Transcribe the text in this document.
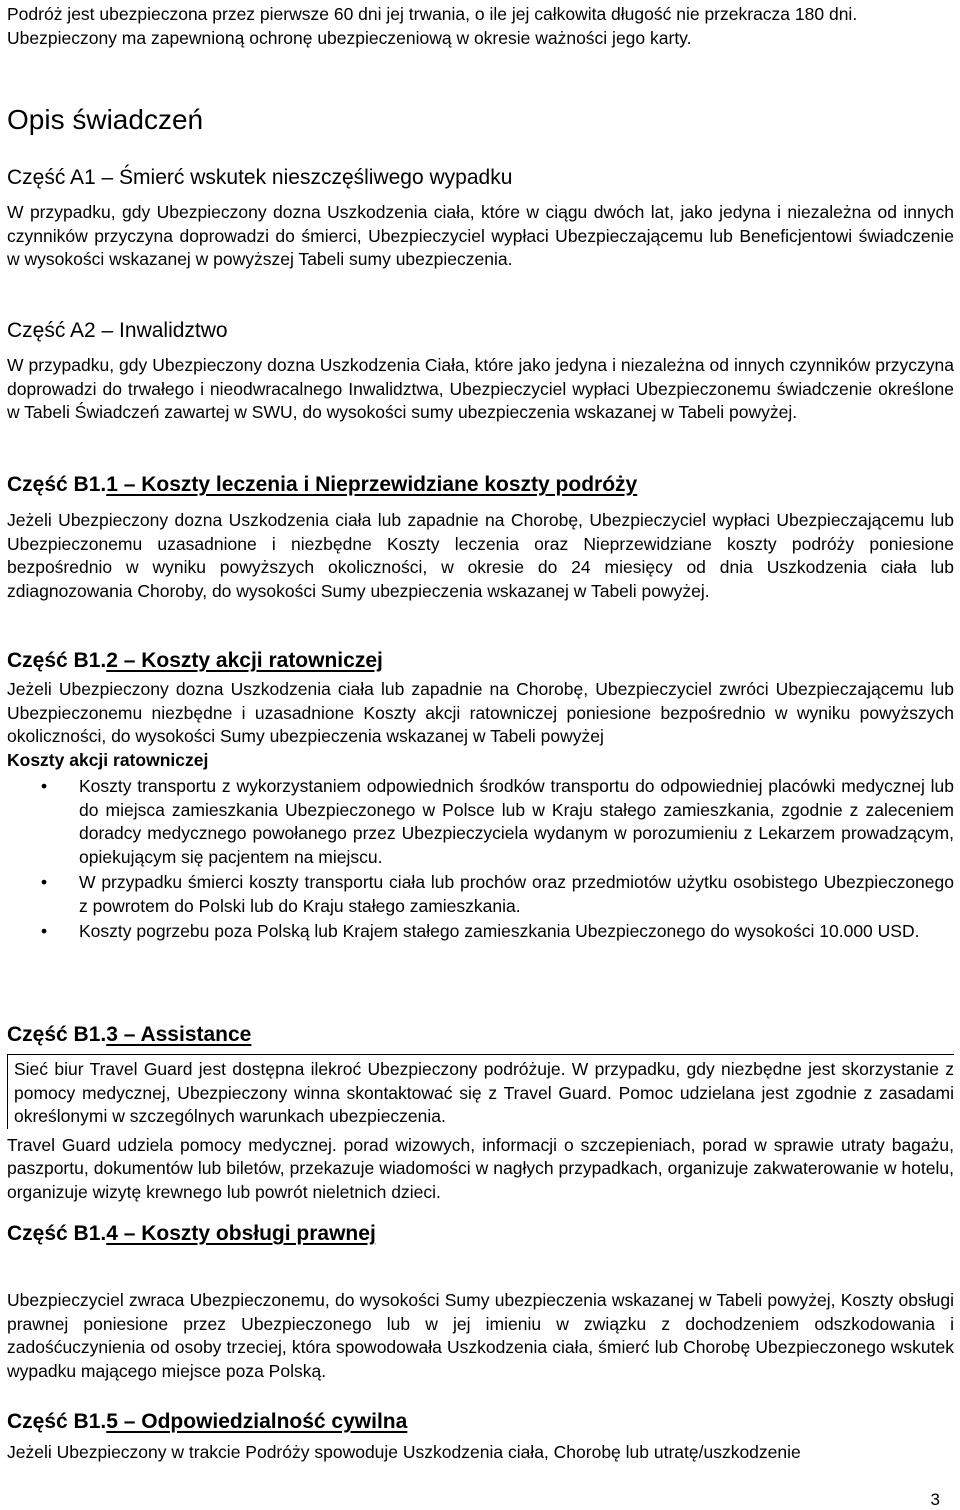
Podróż jest ubezpieczona przez pierwsze 60 dni jej trwania, o ile jej całkowita długość nie przekracza 180 dni.

Ubezpieczony ma zapewnioną ochronę ubezpieczeniową w okresie ważności jego karty.

Opis świadczeń
Część A1 – Śmierć wskutek nieszczęśliwego wypadku

W przypadku, gdy Ubezpieczony dozna Uszkodzenia ciała, które w ciągu dwóch lat, jako jedyna i niezależna od innych czynników przyczyna doprowadzi do śmierci, Ubezpieczyciel wypłaci Ubezpieczającemu lub Beneficjentowi świadczenie w wysokości wskazanej w powyższej Tabeli sumy ubezpieczenia.

Część A2 – Inwalidztwo

W przypadku, gdy Ubezpieczony dozna Uszkodzenia Ciała, które jako jedyna i niezależna od innych czynników przyczyna doprowadzi do trwałego i nieodwracalnego Inwalidztwa, Ubezpieczyciel wypłaci Ubezpieczonemu świadczenie określone w Tabeli Świadczeń zawartej w SWU, do wysokości sumy ubezpieczenia wskazanej w Tabeli powyżej.

Część B1.1 – Koszty leczenia i Nieprzewidziane koszty podróży

Jeżeli Ubezpieczony dozna Uszkodzenia ciała lub zapadnie na Chorobę, Ubezpieczyciel wypłaci Ubezpieczającemu lub Ubezpieczonemu uzasadnione i niezbędne Koszty leczenia oraz Nieprzewidziane koszty podróży poniesione bezpośrednio w wyniku powyższych okoliczności, w okresie do 24 miesięcy od dnia Uszkodzenia ciała lub zdiagnozowania Choroby, do wysokości Sumy ubezpieczenia wskazanej w Tabeli powyżej.

Część B1.2 – Koszty akcji ratowniczej

Jeżeli Ubezpieczony dozna Uszkodzenia ciała lub zapadnie na Chorobę, Ubezpieczyciel zwróci Ubezpieczającemu lub Ubezpieczonemu niezbędne i uzasadnione Koszty akcji ratowniczej poniesione bezpośrednio w wyniku powyższych okoliczności, do wysokości Sumy ubezpieczenia wskazanej w Tabeli powyżej

Koszty akcji ratowniczej

• Koszty transportu z wykorzystaniem odpowiednich środków transportu do odpowiedniej placówki medycznej lub do miejsca zamieszkania Ubezpieczonego w Polsce lub w Kraju stałego zamieszkania, zgodnie z zaleceniem doradcy medycznego powołanego przez Ubezpieczyciela wydanym w porozumieniu z Lekarzem prowadzącym, opiekującym się pacjentem na miejscu.
• W przypadku śmierci koszty transportu ciała lub prochów oraz przedmiotów użytku osobistego Ubezpieczonego z powrotem do Polski lub do Kraju stałego zamieszkania.
• Koszty pogrzebu poza Polską lub Krajem stałego zamieszkania Ubezpieczonego do wysokości 10.000 USD.
Część B1.3 – Assistance

Sieć biur Travel Guard jest dostępna ilekroć Ubezpieczony podróżuje. W przypadku, gdy niezbędne jest skorzystanie z pomocy medycznej, Ubezpieczony winna skontaktować się z Travel Guard. Pomoc udzielana jest zgodnie z zasadami określonymi w szczególnych warunkach ubezpieczenia.

Travel Guard udziela pomocy medycznej. porad wizowych, informacji o szczepieniach, porad w sprawie utraty bagażu, paszportu, dokumentów lub biletów, przekazuje wiadomości w nagłych przypadkach, organizuje zakwaterowanie w hotelu, organizuje wizytę krewnego lub powrót nieletnich dzieci.

Część B1.4 – Koszty obsługi prawnej

Ubezpieczyciel zwraca Ubezpieczonemu, do wysokości Sumy ubezpieczenia wskazanej w Tabeli powyżej, Koszty obsługi prawnej poniesione przez Ubezpieczonego lub w jej imieniu w związku z dochodzeniem odszkodowania i zadośćuczynienia od osoby trzeciej, która spowodowała Uszkodzenia ciała, śmierć lub Chorobę Ubezpieczonego wskutek wypadku mającego miejsce poza Polską.

Część B1.5 – Odpowiedzialność cywilna

Jeżeli Ubezpieczony w trakcie Podróży spowoduje Uszkodzenia ciała, Chorobę lub utratę/uszkodzenie

3
